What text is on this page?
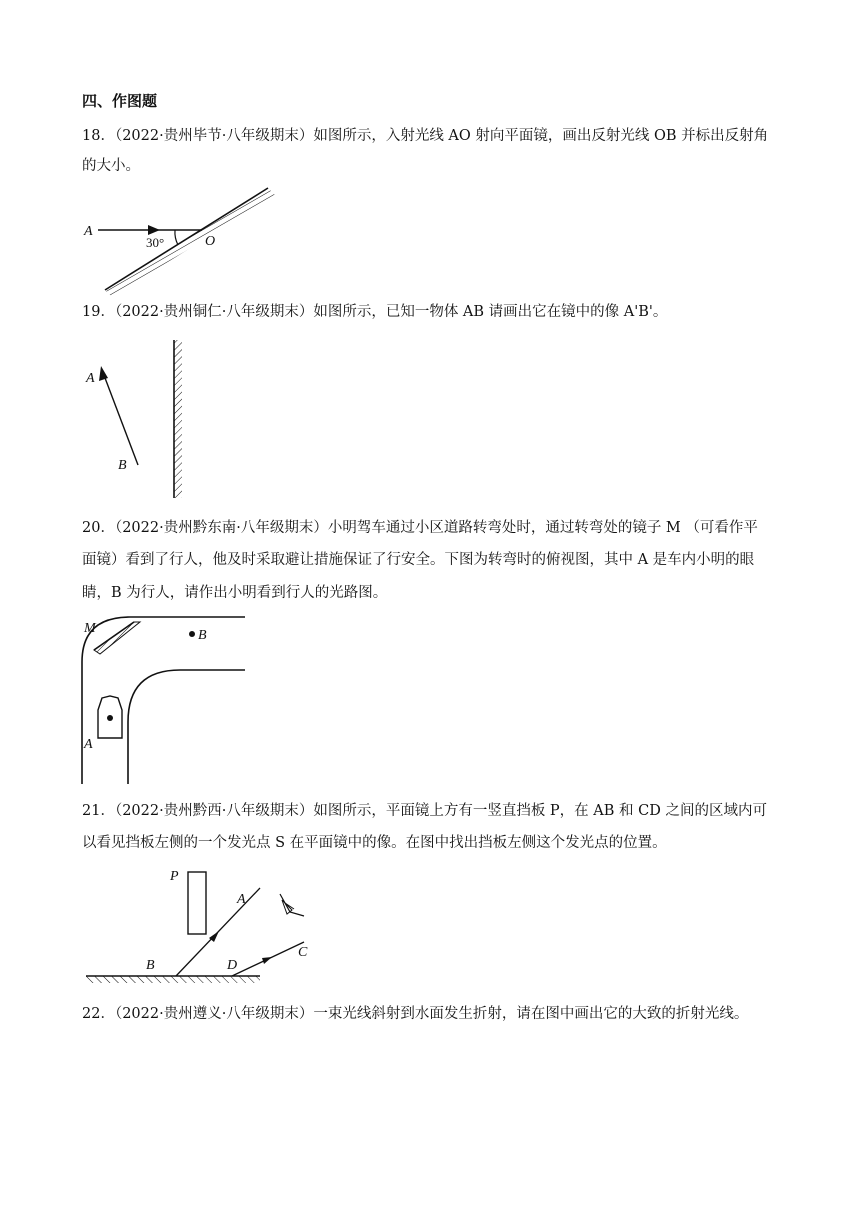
四、作图题
18．（2022·贵州毕节·八年级期末）如图所示，入射光线 AO 射向平面镜，画出反射光线 OB 并标出反射角
的大小。
A
30°	O
19．（2022·贵州铜仁·八年级期末）如图所示，已知一物体 AB 请画出它在镜中的像 A'B'。
A
B
20．（2022·贵州黔东南·八年级期末）小明驾车通过小区道路转弯处时，通过转弯处的镜子 M （可看作平
面镜）看到了行人，他及时采取避让措施保证了行安全。下图为转弯时的俯视图，其中 A 是车内小明的眼
睛，B 为行人，请作出小明看到行人的光路图。
M	B
A
21．（2022·贵州黔西·八年级期末）如图所示，平面镜上方有一竖直挡板 P，在 AB 和 CD 之间的区域内可
以看见挡板左侧的一个发光点 S 在平面镜中的像。在图中找出挡板左侧这个发光点的位置。
P
A
B
C
D
22．（2022·贵州遵义·八年级期末）一束光线斜射到水面发生折射，请在图中画出它的大致的折射光线。
